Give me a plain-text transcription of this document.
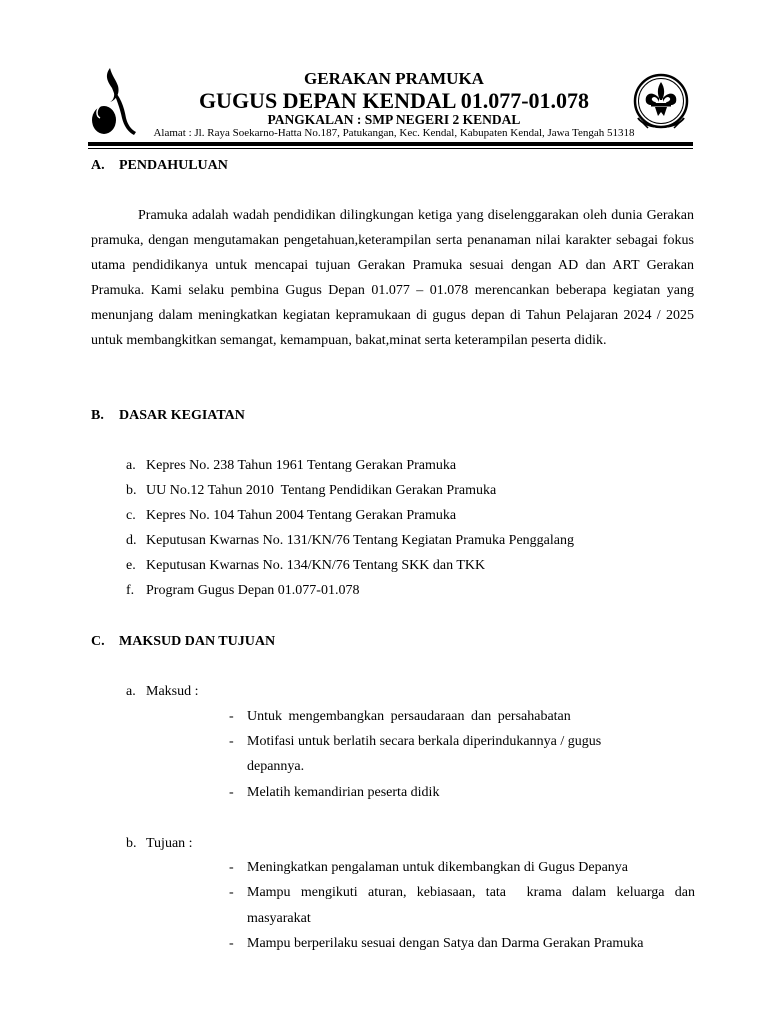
GERAKAN PRAMUKA
GUGUS DEPAN KENDAL 01.077-01.078
PANGKALAN : SMP NEGERI 2 KENDAL
Alamat : Jl. Raya Soekarno-Hatta No.187, Patukangan, Kec. Kendal, Kabupaten Kendal, Jawa Tengah 51318
A. PENDAHULUAN

Pramuka adalah wadah pendidikan dilingkungan ketiga yang diselenggarakan oleh dunia Gerakan pramuka, dengan mengutamakan pengetahuan,keterampilan serta penanaman nilai karakter sebagai fokus utama pendidikanya untuk mencapai tujuan Gerakan Pramuka sesuai dengan AD dan ART Gerakan Pramuka. Kami selaku pembina Gugus Depan 01.077 – 01.078 merencankan beberapa kegiatan yang menunjang dalam meningkatkan kegiatan kepramukaan di gugus depan di Tahun Pelajaran 2024 / 2025 untuk membangkitkan semangat, kemampuan, bakat,minat serta keterampilan peserta didik.

B. DASAR KEGIATAN
a. Kepres No. 238 Tahun 1961 Tentang Gerakan Pramuka
b. UU No.12 Tahun 2010  Tentang Pendidikan Gerakan Pramuka
c. Kepres No. 104 Tahun 2004 Tentang Gerakan Pramuka
d. Keputusan Kwarnas No. 131/KN/76 Tentang Kegiatan Pramuka Penggalang
e. Keputusan Kwarnas No. 134/KN/76 Tentang SKK dan TKK
f. Program Gugus Depan 01.077-01.078
C. MAKSUD DAN TUJUAN
a. Maksud :
- Untuk mengembangkan persaudaraan dan persahabatan
- Motifasi untuk berlatih secara berkala diperindukannya / gugus
depannya.
- Melatih kemandirian peserta didik
b. Tujuan :
- Meningkatkan pengalaman untuk dikembangkan di Gugus Depanya
- Mampu mengikuti aturan, kebiasaan, tata  krama dalam keluarga dan
masyarakat
- Mampu berperilaku sesuai dengan Satya dan Darma Gerakan Pramuka
